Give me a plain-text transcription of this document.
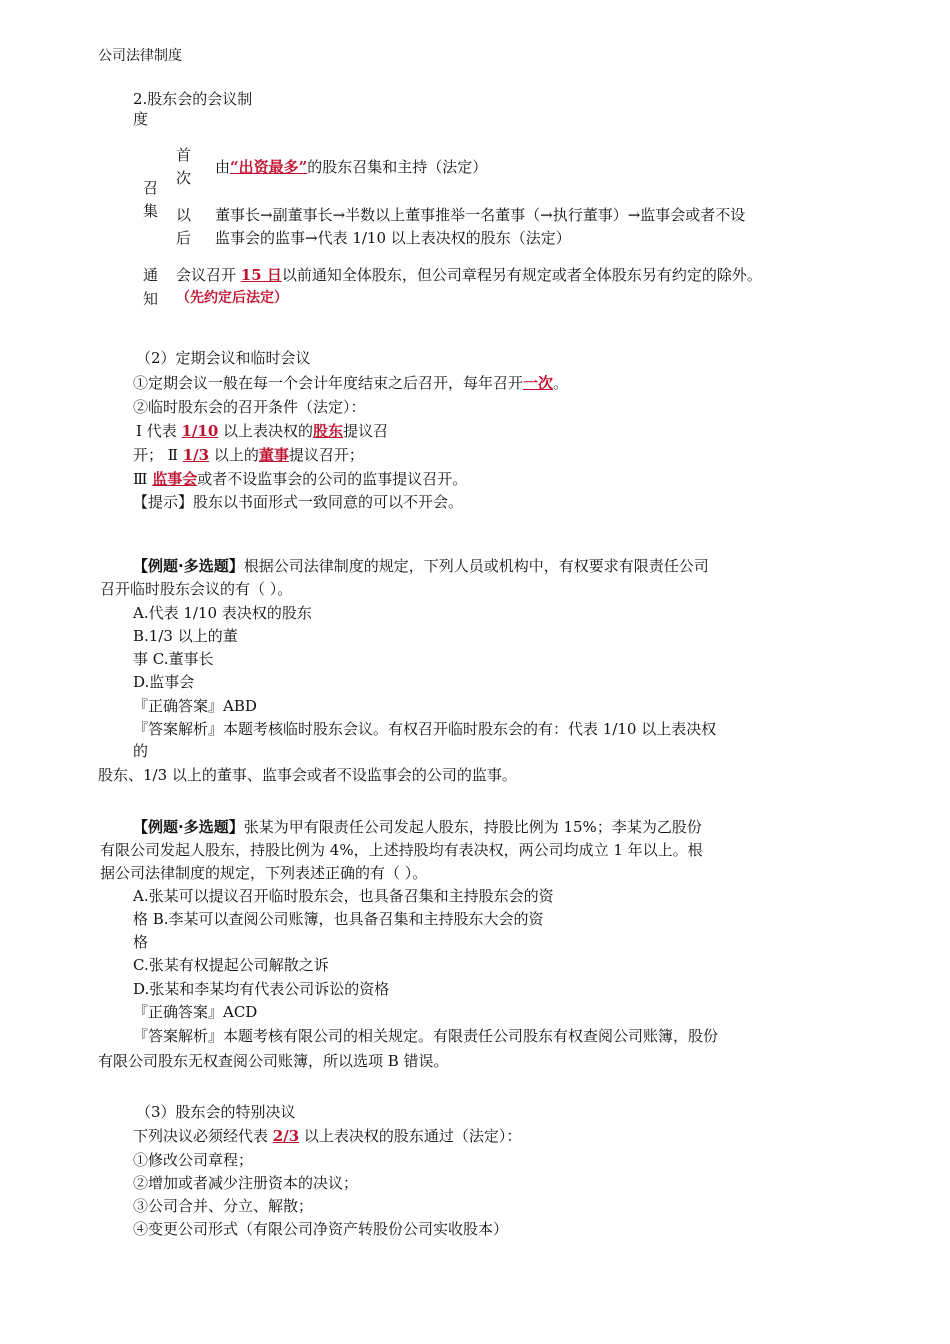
公司法律制度
2.股东会的会议制
度
召
集
首
次
由“出资最多”的股东召集和主持（法定）
以
后
董事长→副董事长→半数以上董事推举一名董事（→执行董事）→监事会或者不设
监事会的监事→代表 1/10 以上表决权的股东（法定）
通
知
会议召开 15 日以前通知全体股东，但公司章程另有规定或者全体股东另有约定的除外。
（先约定后法定）
（2）定期会议和临时会议
①定期会议一般在每一个会计年度结束之后召开，每年召开一次。
②临时股东会的召开条件（法定）：
Ⅰ 代表 1/10 以上表决权的股东提议召
开； Ⅱ 1/3 以上的董事提议召开；
Ⅲ 监事会或者不设监事会的公司的监事提议召开。
【提示】股东以书面形式一致同意的可以不开会。
【例题·多选题】根据公司法律制度的规定，下列人员或机构中，有权要求有限责任公司
召开临时股东会议的有（ ）。
A.代表 1/10 表决权的股东
B.1/3 以上的董
事 C.董事长
D.监事会
『正确答案』ABD
『答案解析』本题考核临时股东会议。有权召开临时股东会的有：代表 1/10 以上表决权
的
股东、1/3 以上的董事、监事会或者不设监事会的公司的监事。
【例题·多选题】张某为甲有限责任公司发起人股东，持股比例为 15%；李某为乙股份
有限公司发起人股东，持股比例为 4%，上述持股均有表决权，两公司均成立 1 年以上。根
据公司法律制度的规定，下列表述正确的有（ ）。
A.张某可以提议召开临时股东会，也具备召集和主持股东会的资
格 B.李某可以查阅公司账簿，也具备召集和主持股东大会的资
格
C.张某有权提起公司解散之诉
D.张某和李某均有代表公司诉讼的资格
『正确答案』ACD
『答案解析』本题考核有限公司的相关规定。有限责任公司股东有权查阅公司账簿，股份
有限公司股东无权查阅公司账簿，所以选项 B 错误。
（3）股东会的特别决议
下列决议必须经代表 2/3 以上表决权的股东通过（法定）：
①修改公司章程；
②增加或者减少注册资本的决议；
③公司合并、分立、解散；
④变更公司形式（有限公司净资产转股份公司实收股本）
